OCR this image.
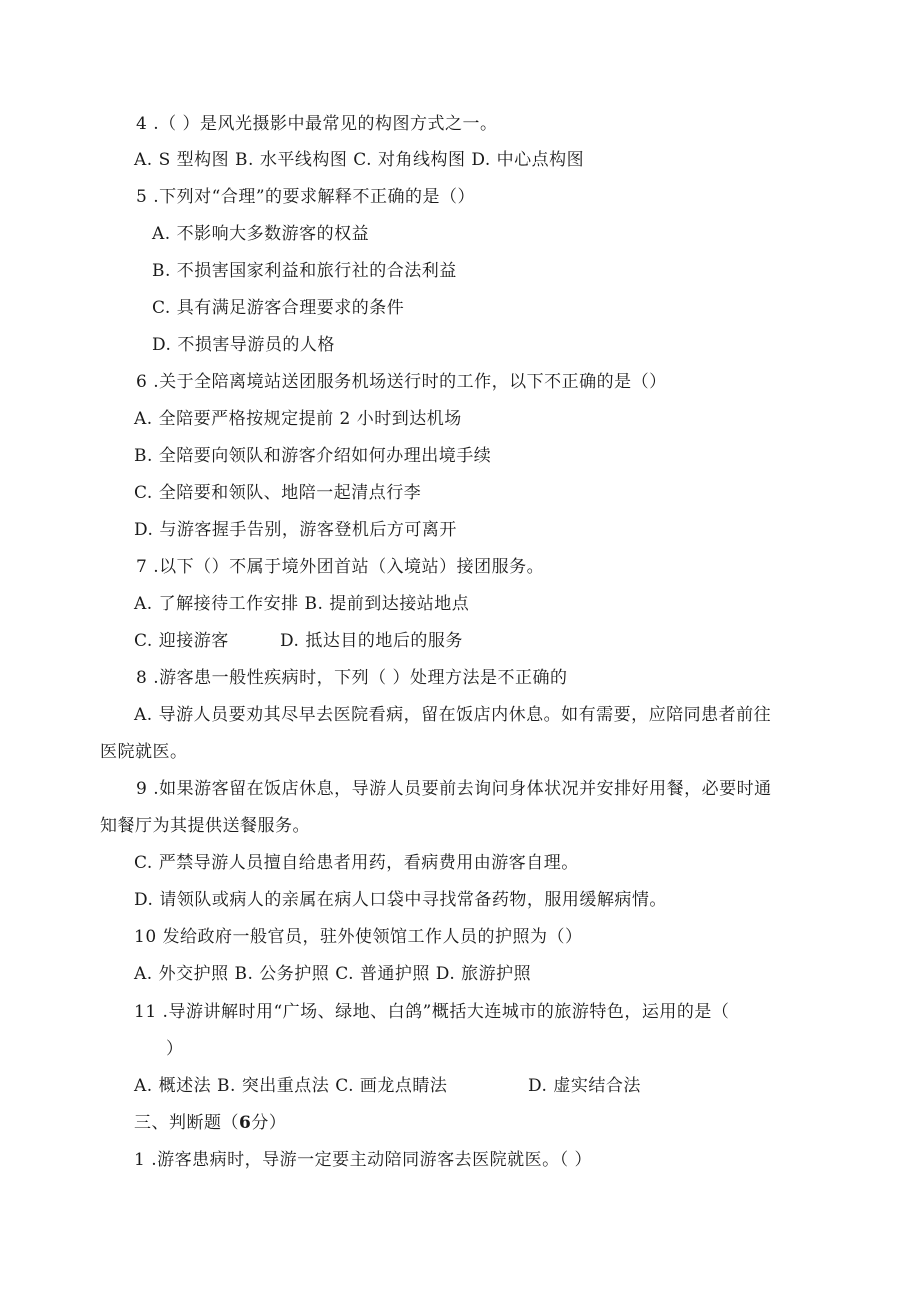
4 .（ ）是风光摄影中最常见的构图方式之一。
A. S 型构图 B. 水平线构图 C. 对角线构图 D. 中心点构图
5 .下列对“合理”的要求解释不正确的是（）
A. 不影响大多数游客的权益
B. 不损害国家利益和旅行社的合法利益
C. 具有满足游客合理要求的条件
D. 不损害导游员的人格
6 .关于全陪离境站送团服务机场送行时的工作，以下不正确的是（）
A. 全陪要严格按规定提前 2 小时到达机场
B. 全陪要向领队和游客介绍如何办理出境手续
C. 全陪要和领队、地陪一起清点行李
D. 与游客握手告别，游客登机后方可离开
7 .以下（）不属于境外团首站（入境站）接团服务。
A. 了解接待工作安排 B. 提前到达接站地点
C. 迎接游客	D. 抵达目的地后的服务
8 .游客患一般性疾病时，下列（ ）处理方法是不正确的
A. 导游人员要劝其尽早去医院看病，留在饭店内休息。如有需要，应陪同患者前往
医院就医。
9 .如果游客留在饭店休息，导游人员要前去询问身体状况并安排好用餐，必要时通
知餐厅为其提供送餐服务。
C. 严禁导游人员擅自给患者用药，看病费用由游客自理。
D. 请领队或病人的亲属在病人口袋中寻找常备药物，服用缓解病情。
10 发给政府一般官员，驻外使领馆工作人员的护照为（）
A. 外交护照 B. 公务护照 C. 普通护照 D. 旅游护照
11 .导游讲解时用“广场、绿地、白鸽”概括大连城市的旅游特色，运用的是（
）
A. 概述法 B. 突出重点法 C. 画龙点睛法	D. 虚实结合法
三、判断题（6分）
1 .游客患病时，导游一定要主动陪同游客去医院就医。（ ）
